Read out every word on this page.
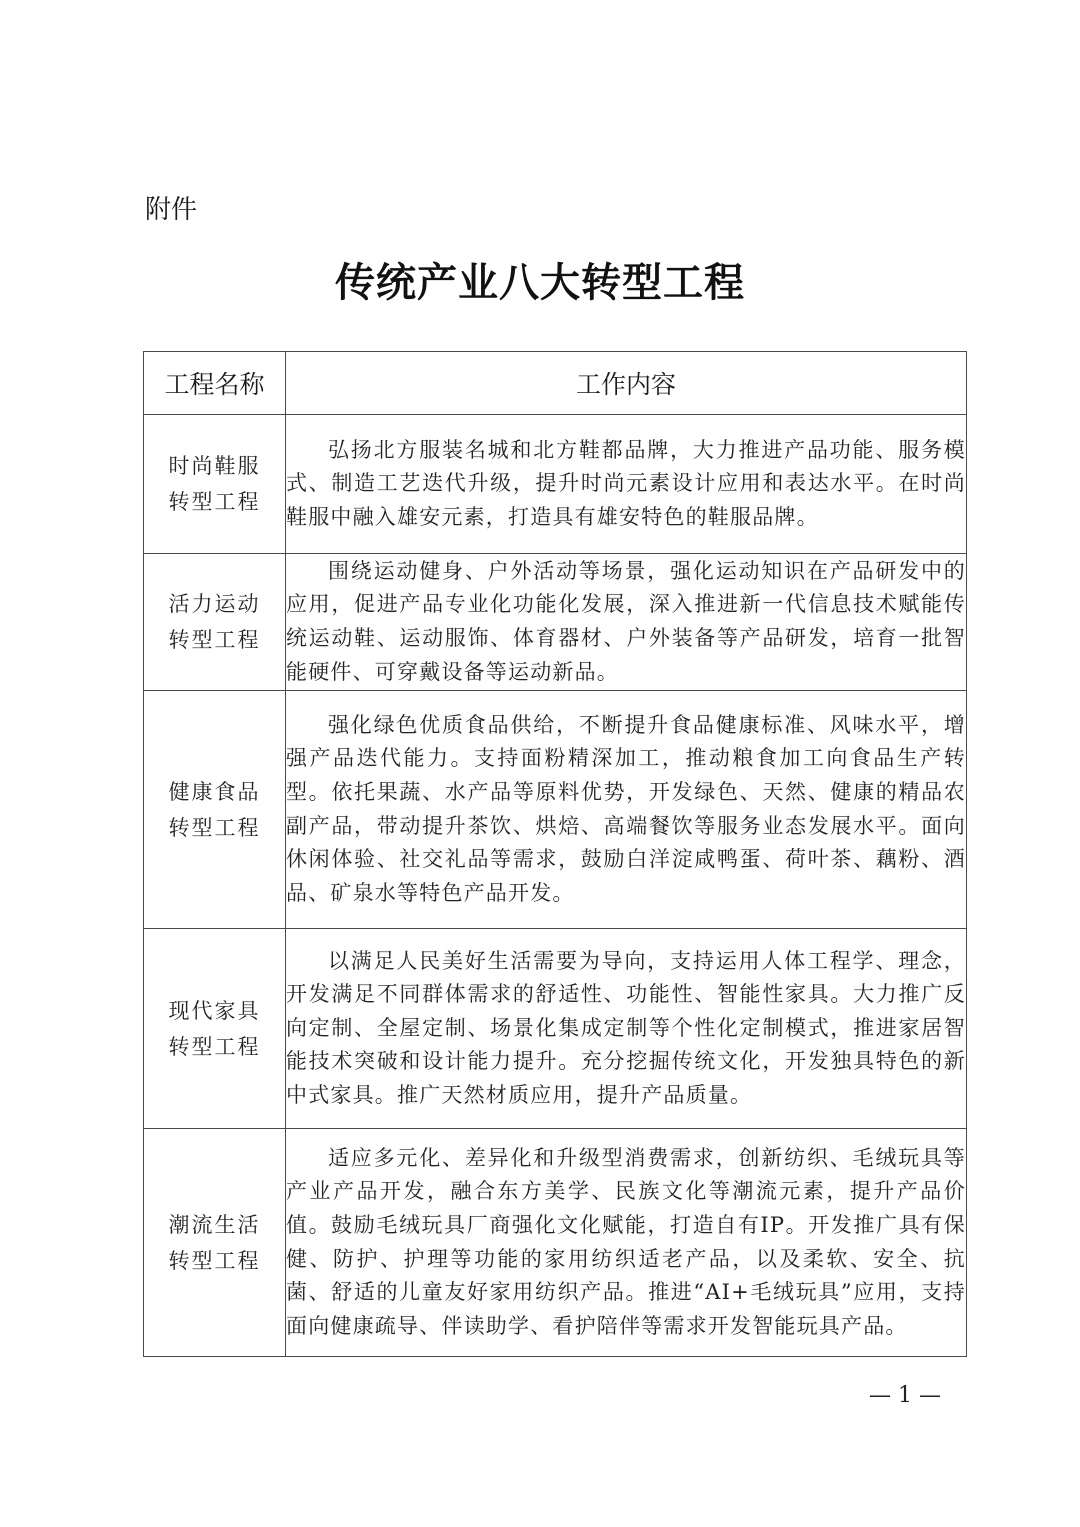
附件
传统产业八大转型工程
工程名称	工作内容

时尚鞋服
转型工程	弘扬北方服装名城和北方鞋都品牌，大力推进产品功能、服务模式、制造工艺迭代升级，提升时尚元素设计应用和表达水平。在时尚鞋服中融入雄安元素，打造具有雄安特色的鞋服品牌。

活力运动
转型工程	围绕运动健身、户外活动等场景，强化运动知识在产品研发中的应用，促进产品专业化功能化发展，深入推进新一代信息技术赋能传统运动鞋、运动服饰、体育器材、户外装备等产品研发，培育一批智能硬件、可穿戴设备等运动新品。

健康食品
转型工程	强化绿色优质食品供给，不断提升食品健康标准、风味水平，增强产品迭代能力。支持面粉精深加工，推动粮食加工向食品生产转型。依托果蔬、水产品等原料优势，开发绿色、天然、健康的精品农副产品，带动提升茶饮、烘焙、高端餐饮等服务业态发展水平。面向休闲体验、社交礼品等需求，鼓励白洋淀咸鸭蛋、荷叶茶、藕粉、酒品、矿泉水等特色产品开发。

现代家具
转型工程	以满足人民美好生活需要为导向，支持运用人体工程学、理念，开发满足不同群体需求的舒适性、功能性、智能性家具。大力推广反向定制、全屋定制、场景化集成定制等个性化定制模式，推进家居智能技术突破和设计能力提升。充分挖掘传统文化，开发独具特色的新中式家具。推广天然材质应用，提升产品质量。

潮流生活
转型工程	适应多元化、差异化和升级型消费需求，创新纺织、毛绒玩具等产业产品开发，融合东方美学、民族文化等潮流元素，提升产品价值。鼓励毛绒玩具厂商强化文化赋能，打造自有IP。开发推广具有保健、防护、护理等功能的家用纺织适老产品，以及柔软、安全、抗菌、舒适的儿童友好家用纺织产品。推进“AI+毛绒玩具”应用，支持面向健康疏导、伴读助学、看护陪伴等需求开发智能玩具产品。
— 1 —
